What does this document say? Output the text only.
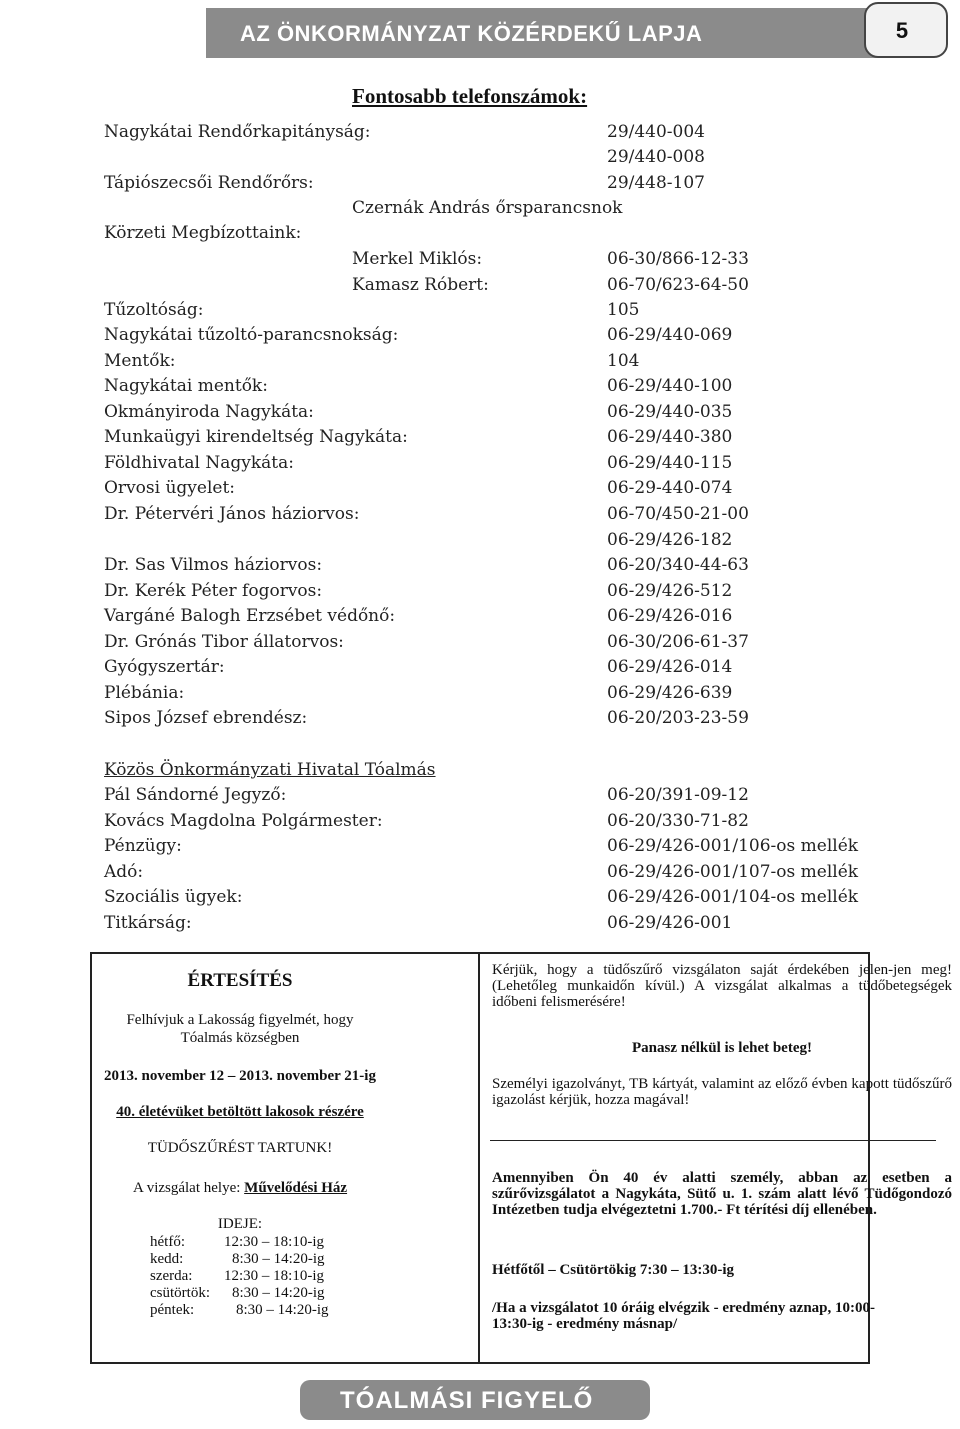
AZ ÖNKORMÁNYZAT KÖZÉRDEKŰ LAPJA	5
Fontosabb telefonszámok:
Nagykátai Rendőrkapitányság:	29/440-004
29/440-008
Tápiószecsői Rendőrőrs:	29/448-107
Czernák András őrsparancsnok
Körzeti Megbízottaink:
Merkel Miklós:	06-30/866-12-33
Kamasz Róbert:	06-70/623-64-50
Tűzoltóság:	105
Nagykátai tűzoltó-parancsnokság:	06-29/440-069
Mentők:	104
Nagykátai mentők:	06-29/440-100
Okmányiroda Nagykáta:	06-29/440-035
Munkaügyi kirendeltség Nagykáta:	06-29/440-380
Földhivatal Nagykáta:	06-29/440-115
Orvosi ügyelet:	06-29-440-074
Dr. Pétervéri János háziorvos:	06-70/450-21-00
06-29/426-182
Dr. Sas Vilmos háziorvos:	06-20/340-44-63
Dr. Kerék Péter fogorvos:	06-29/426-512
Vargáné Balogh Erzsébet védőnő:	06-29/426-016
Dr. Grónás Tibor állatorvos:	06-30/206-61-37
Gyógyszertár:	06-29/426-014
Plébánia:	06-29/426-639
Sipos József ebrendész:	06-20/203-23-59
Közös Önkormányzati Hivatal Tóalmás
Pál Sándorné Jegyző:	06-20/391-09-12
Kovács Magdolna Polgármester:	06-20/330-71-82
Pénzügy:	06-29/426-001/106-os mellék
Adó:	06-29/426-001/107-os mellék
Szociális ügyek:	06-29/426-001/104-os mellék
Titkárság:	06-29/426-001
ÉRTESÍTÉS
Felhívjuk a Lakosság figyelmét, hogy
Tóalmás községben
2013. november 12 – 2013. november 21-ig
40. életévüket betöltött lakosok részére
TÜDŐSZŰRÉST TARTUNK!
A vizsgálat helye: Művelődési Ház
IDEJE:
hétfő:	12:30 – 18:10-ig
kedd:	8:30 – 14:20-ig
szerda: 12:30 – 18:10-ig
csütörtök: 8:30 – 14:20-ig
péntek:	8:30 – 14:20-ig
Kérjük, hogy a tüdőszűrő vizsgálaton saját érdekében jelen-jen meg! (Lehetőleg munkaidőn kívül.) A vizsgálat alkalmas a tüdőbetegségek időbeni felismerésére!
Panasz nélkül is lehet beteg!
Személyi igazolványt, TB kártyát, valamint az előző évben kapott tüdőszűrő igazolást kérjük, hozza magával!
Amennyiben Ön 40 év alatti személy, abban az esetben a szűrővizsgálatot a Nagykáta, Sütő u. 1. szám alatt lévő Tüdőgondozó Intézetben tudja elvégeztetni 1.700.- Ft térítési díj ellenében.
Hétfőtől – Csütörtökig 7:30 – 13:30-ig
/Ha a vizsgálatot 10 óráig elvégzik - eredmény aznap, 10:00-13:30-ig - eredmény másnap/
TÓALMÁSI FIGYELŐ
